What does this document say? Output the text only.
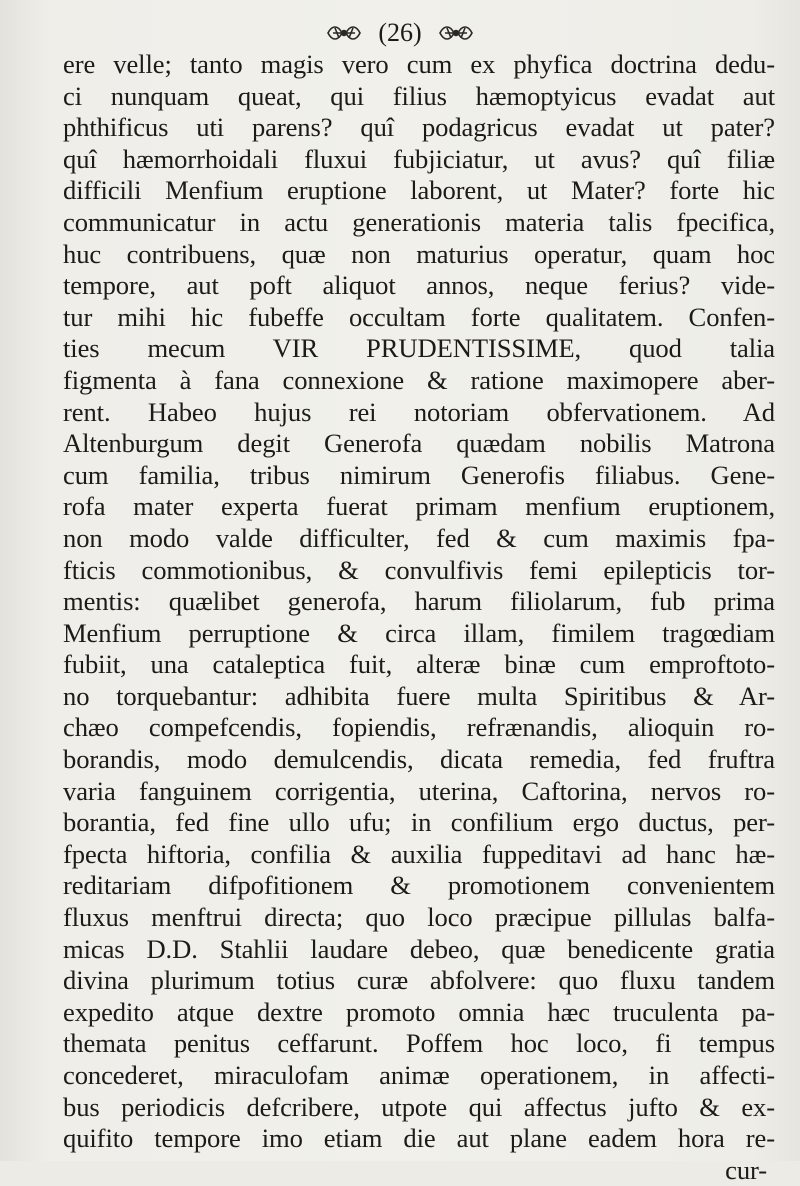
(26)
ere velle; tanto magis vero cum ex phyfica doctrina dedu-
ci nunquam queat, qui filius hæmoptyicus evadat aut
phthificus uti parens? quî podagricus evadat ut pater?
quî hæmorrhoidali fluxui fubjiciatur, ut avus? quî filiæ
difficili Menfium eruptione laborent, ut Mater? forte hic
communicatur in actu generationis materia talis fpecifica,
huc contribuens, quæ non maturius operatur, quam hoc
tempore, aut poft aliquot annos, neque ferius? vide-
tur mihi hic fubeffe occultam forte qualitatem. Confen-
ties mecum VIR PRUDENTISSIME, quod talia
figmenta à fana connexione & ratione maximopere aber-
rent. Habeo hujus rei notoriam obfervationem. Ad
Altenburgum degit Generofa quædam nobilis Matrona
cum familia, tribus nimirum Generofis filiabus. Gene-
rofa mater experta fuerat primam menfium eruptionem,
non modo valde difficulter, fed & cum maximis fpa-
fticis commotionibus, & convulfivis femi epilepticis tor-
mentis: quælibet generofa, harum filiolarum, fub prima
Menfium perruptione & circa illam, fimilem tragœdiam
fubiit, una cataleptica fuit, alteræ binæ cum emproftoto-
no torquebantur: adhibita fuere multa Spiritibus & Ar-
chæo compefcendis, fopiendis, refrænandis, alioquin ro-
borandis, modo demulcendis, dicata remedia, fed fruftra
varia fanguinem corrigentia, uterina, Caftorina, nervos ro-
borantia, fed fine ullo ufu; in confilium ergo ductus, per-
fpecta hiftoria, confilia & auxilia fuppeditavi ad hanc hæ-
reditariam difpofitionem & promotionem convenientem
fluxus menftrui directa; quo loco præcipue pillulas balfa-
micas D.D. Stahlii laudare debeo, quæ benedicente gratia
divina plurimum totius curæ abfolvere: quo fluxu tandem
expedito atque dextre promoto omnia hæc truculenta pa-
themata penitus ceffarunt. Poffem hoc loco, fi tempus
concederet, miraculofam animæ operationem, in affecti-
bus periodicis defcribere, utpote qui affectus jufto & ex-
quifito tempore imo etiam die aut plane eadem hora re-
cur-
